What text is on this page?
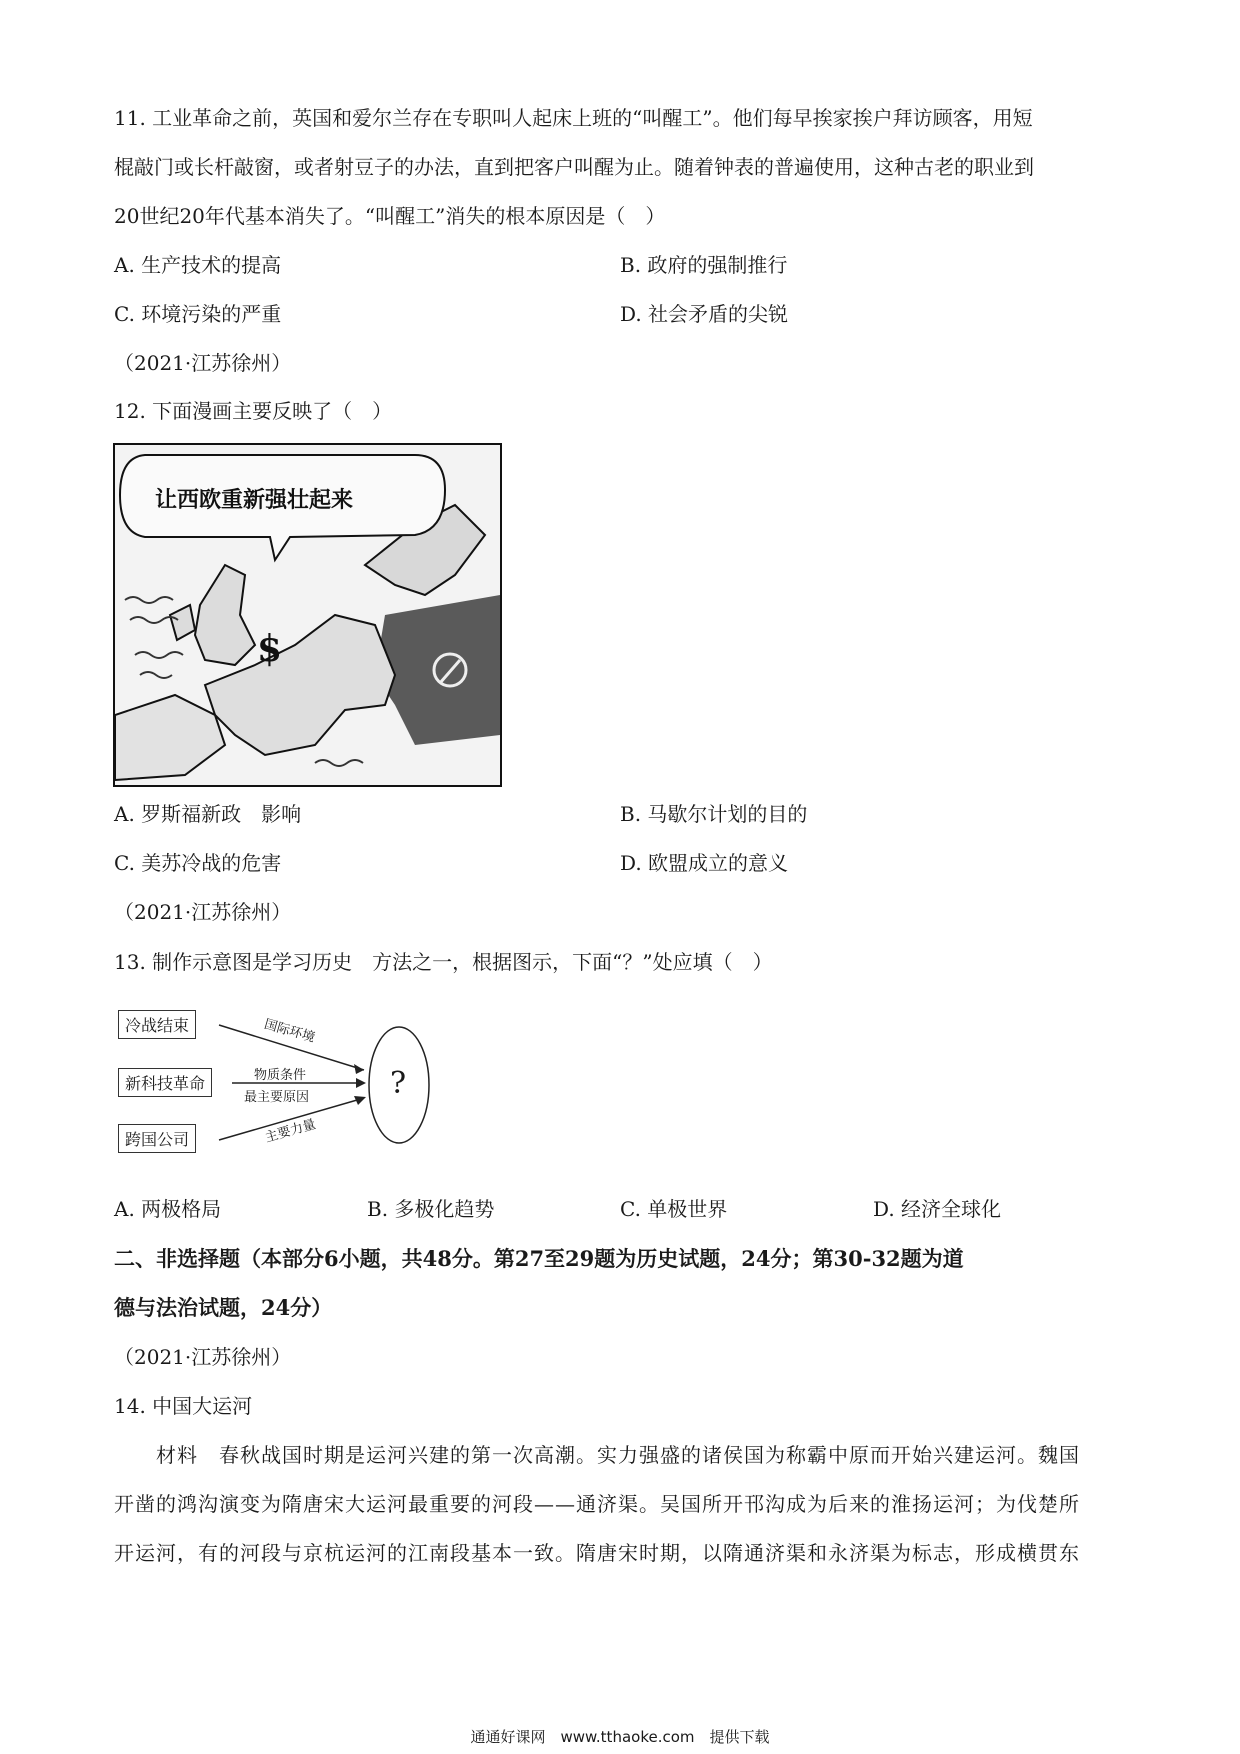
11. 工业革命之前，英国和爱尔兰存在专职叫人起床上班的“叫醒工”。他们每早挨家挨户拜访顾客，用短
棍敲门或长杆敲窗，或者射豆子的办法，直到把客户叫醒为止。随着钟表的普遍使用，这种古老的职业到
20世纪20年代基本消失了。“叫醒工”消失的根本原因是（　）
A. 生产技术的提高	B. 政府的强制推行
C. 环境污染的严重	D. 社会矛盾的尖锐
（2021·江苏徐州）
12. 下面漫画主要反映了（　）
让西欧重新强壮起来
$
A. 罗斯福新政　影响	B. 马歇尔计划的目的
C. 美苏冷战的危害	D. 欧盟成立的意义
（2021·江苏徐州）
13. 制作示意图是学习历史　方法之一，根据图示，下面“？”处应填（　）
冷战结束
新科技革命
跨国公司
国际环境
物质条件
最主要原因
主要力量
?
A. 两极格局	B. 多极化趋势	C. 单极世界	D. 经济全球化
二、非选择题（本部分6小题，共48分。第27至29题为历史试题，24分；第30-32题为道
德与法治试题，24分）
（2021·江苏徐州）
14. 中国大运河
　　材料　春秋战国时期是运河兴建的第一次高潮。实力强盛的诸侯国为称霸中原而开始兴建运河。魏国
开凿的鸿沟演变为隋唐宋大运河最重要的河段——通济渠。吴国所开邗沟成为后来的淮扬运河；为伐楚所
开运河，有的河段与京杭运河的江南段基本一致。隋唐宋时期，以隋通济渠和永济渠为标志，形成横贯东
通通好课网　www.tthaoke.com　提供下载
